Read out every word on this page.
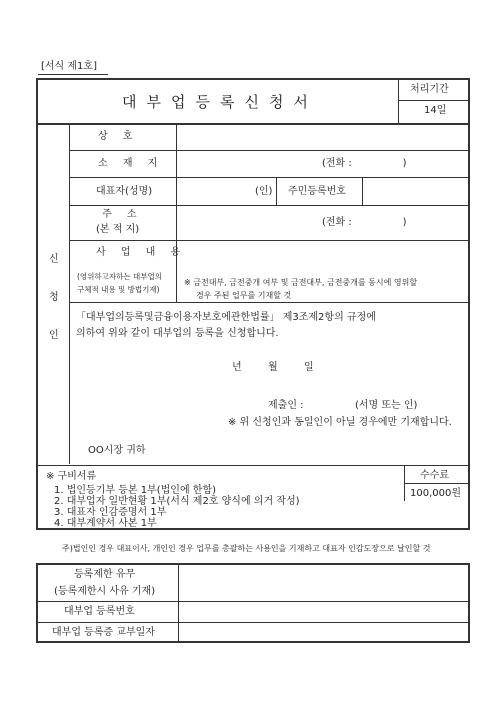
[서식 제1호]
대부업등록신청서
처리기간
14일
신
청
인
상 호
소 재 지	(전화 :                )
대표자(성명)	(인) 주민등록번호
주 소
(본 적 지)
(전화 :                )
사 업 내 용
(영위하고자하는 대부업의
구체적 내용 및 방법기재)
※ 금전대부, 금전중개 여부 및 금전대부, 금전중개를 동시에 영위할
경우 주된 업무를 기재할 것
「대부업의등록및금융이용자보호에관한법률」 제3조제2항의 규정에
의하여 위와 같이 대부업의 등록을 신청합니다.
년	월	일
제출인 :	(서명 또는 인)
※ 위 신청인과 동일인이 아닐 경우에만 기재합니다.
OO시장 귀하
※ 구비서류
1. 법인등기부 등본 1부(법인에 한함)
2. 대부업자 일반현황 1부(서식 제2호 양식에 의거 작성)
3. 대표자 인감증명서 1부
4. 대부계약서 사본 1부
수수료
100,000원
주)법인인 경우 대표이사, 개인인 경우 업무를 총괄하는 사용인을 기재하고 대표자 인감도장으로 날인할 것
등록제한 유무
(등록제한시 사유 기재)
대부업 등록번호
대부업 등록증 교부일자
